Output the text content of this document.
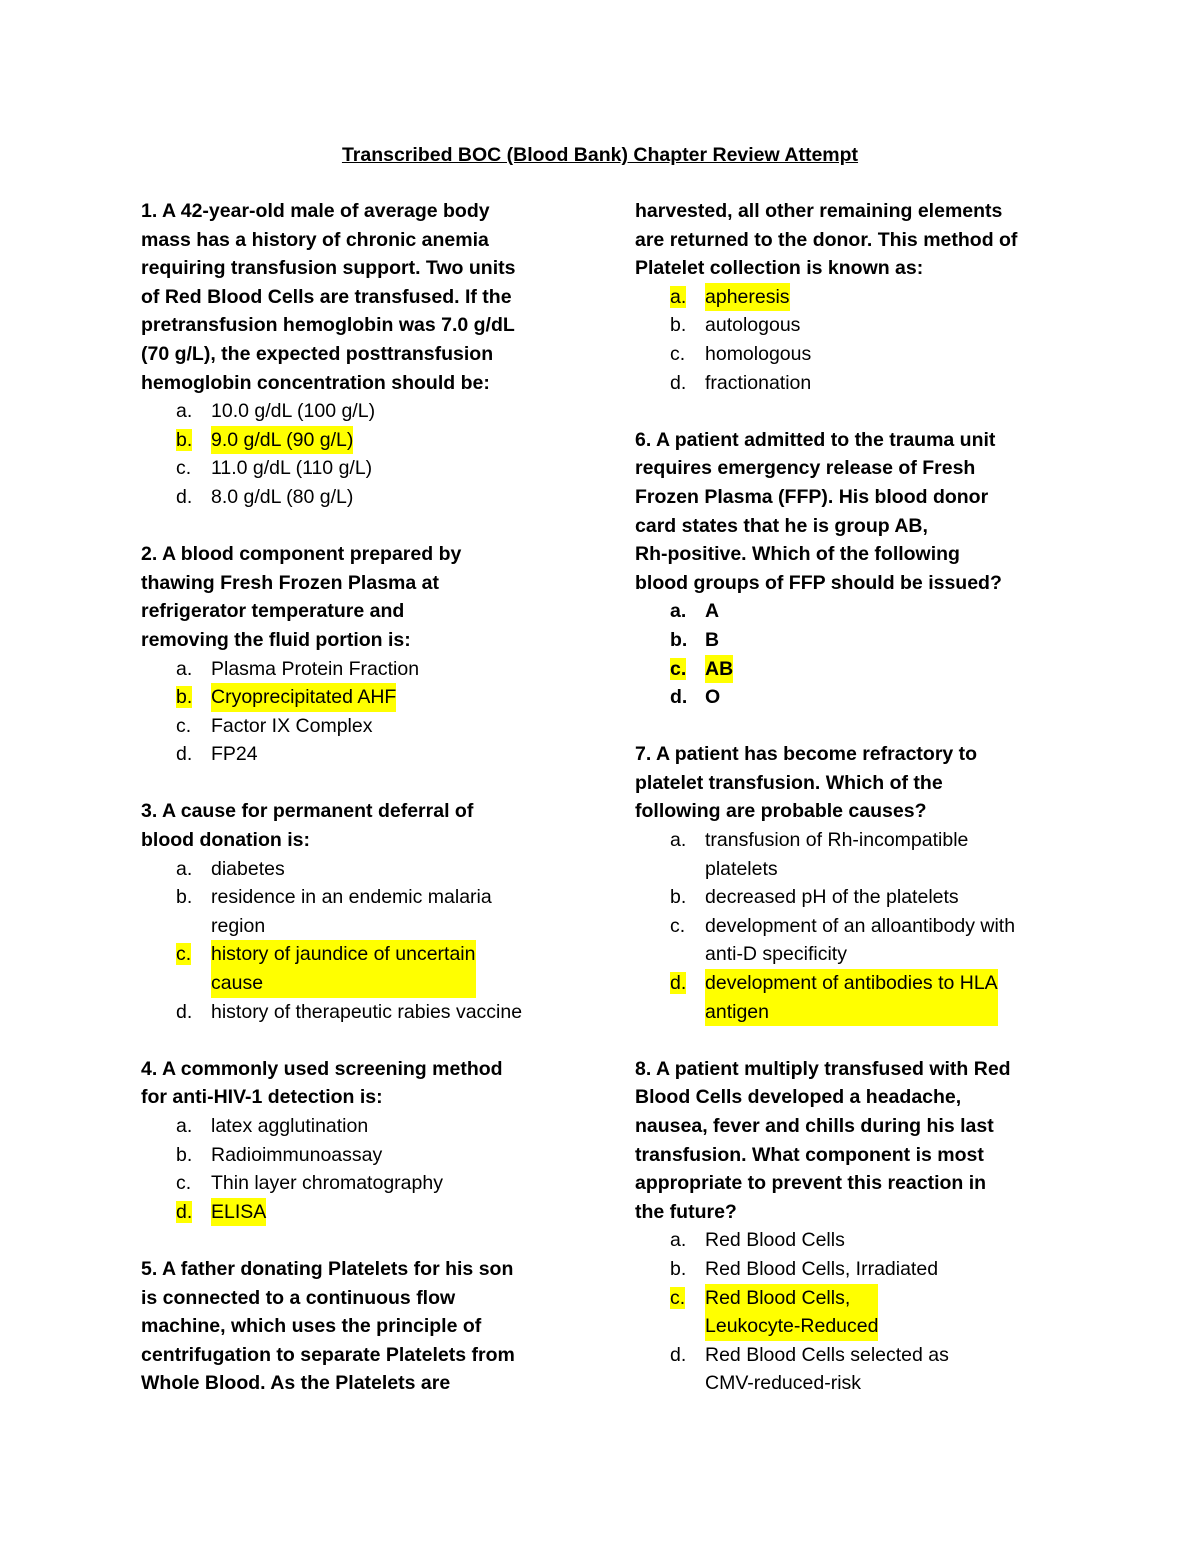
Transcribed BOC (Blood Bank) Chapter Review Attempt
1. A 42-year-old male of average body
mass has a history of chronic anemia
requiring transfusion support. Two units
of Red Blood Cells are transfused. If the
pretransfusion hemoglobin was 7.0 g/dL
(70 g/L), the expected posttransfusion
hemoglobin concentration should be:
a. 10.0 g/dL (100 g/L)
b. 9.0 g/dL (90 g/L)
c.	11.0 g/dL (110 g/L)
d. 8.0 g/dL (80 g/L)
2. A blood component prepared by
thawing Fresh Frozen Plasma at
refrigerator temperature and
removing the fluid portion is:
a. Plasma Protein Fraction
b. Cryoprecipitated AHF
c.	Factor IX Complex
d. FP24
3. A cause for permanent deferral of
blood donation is:
a. diabetes
b. residence in an endemic malaria
region
c.	history of jaundice of uncertain
cause
d. history of therapeutic rabies vaccine
4. A commonly used screening method
for anti-HIV-1 detection is:
a. latex agglutination
b. Radioimmunoassay
c.	Thin layer chromatography
d. ELISA
5. A father donating Platelets for his son
is connected to a continuous flow
machine, which uses the principle of
centrifugation to separate Platelets from
Whole Blood. As the Platelets are
harvested, all other remaining elements
are returned to the donor. This method of
Platelet collection is known as:
a. apheresis
b. autologous
c.	homologous
d. fractionation
6. A patient admitted to the trauma unit
requires emergency release of Fresh
Frozen Plasma (FFP). His blood donor
card states that he is group AB,
Rh-positive. Which of the following
blood groups of FFP should be issued?
a. A
b. B
c. AB
d. O
7. A patient has become refractory to
platelet transfusion. Which of the
following are probable causes?
a. transfusion of Rh-incompatible
platelets
b. decreased pH of the platelets
c.	development of an alloantibody with
anti-D specificity
d. development of antibodies to HLA
antigen
8. A patient multiply transfused with Red
Blood Cells developed a headache,
nausea, fever and chills during his last
transfusion. What component is most
appropriate to prevent this reaction in
the future?
a. Red Blood Cells
b. Red Blood Cells, Irradiated
c.	Red Blood Cells,
Leukocyte-Reduced
d. Red Blood Cells selected as
CMV-reduced-risk
